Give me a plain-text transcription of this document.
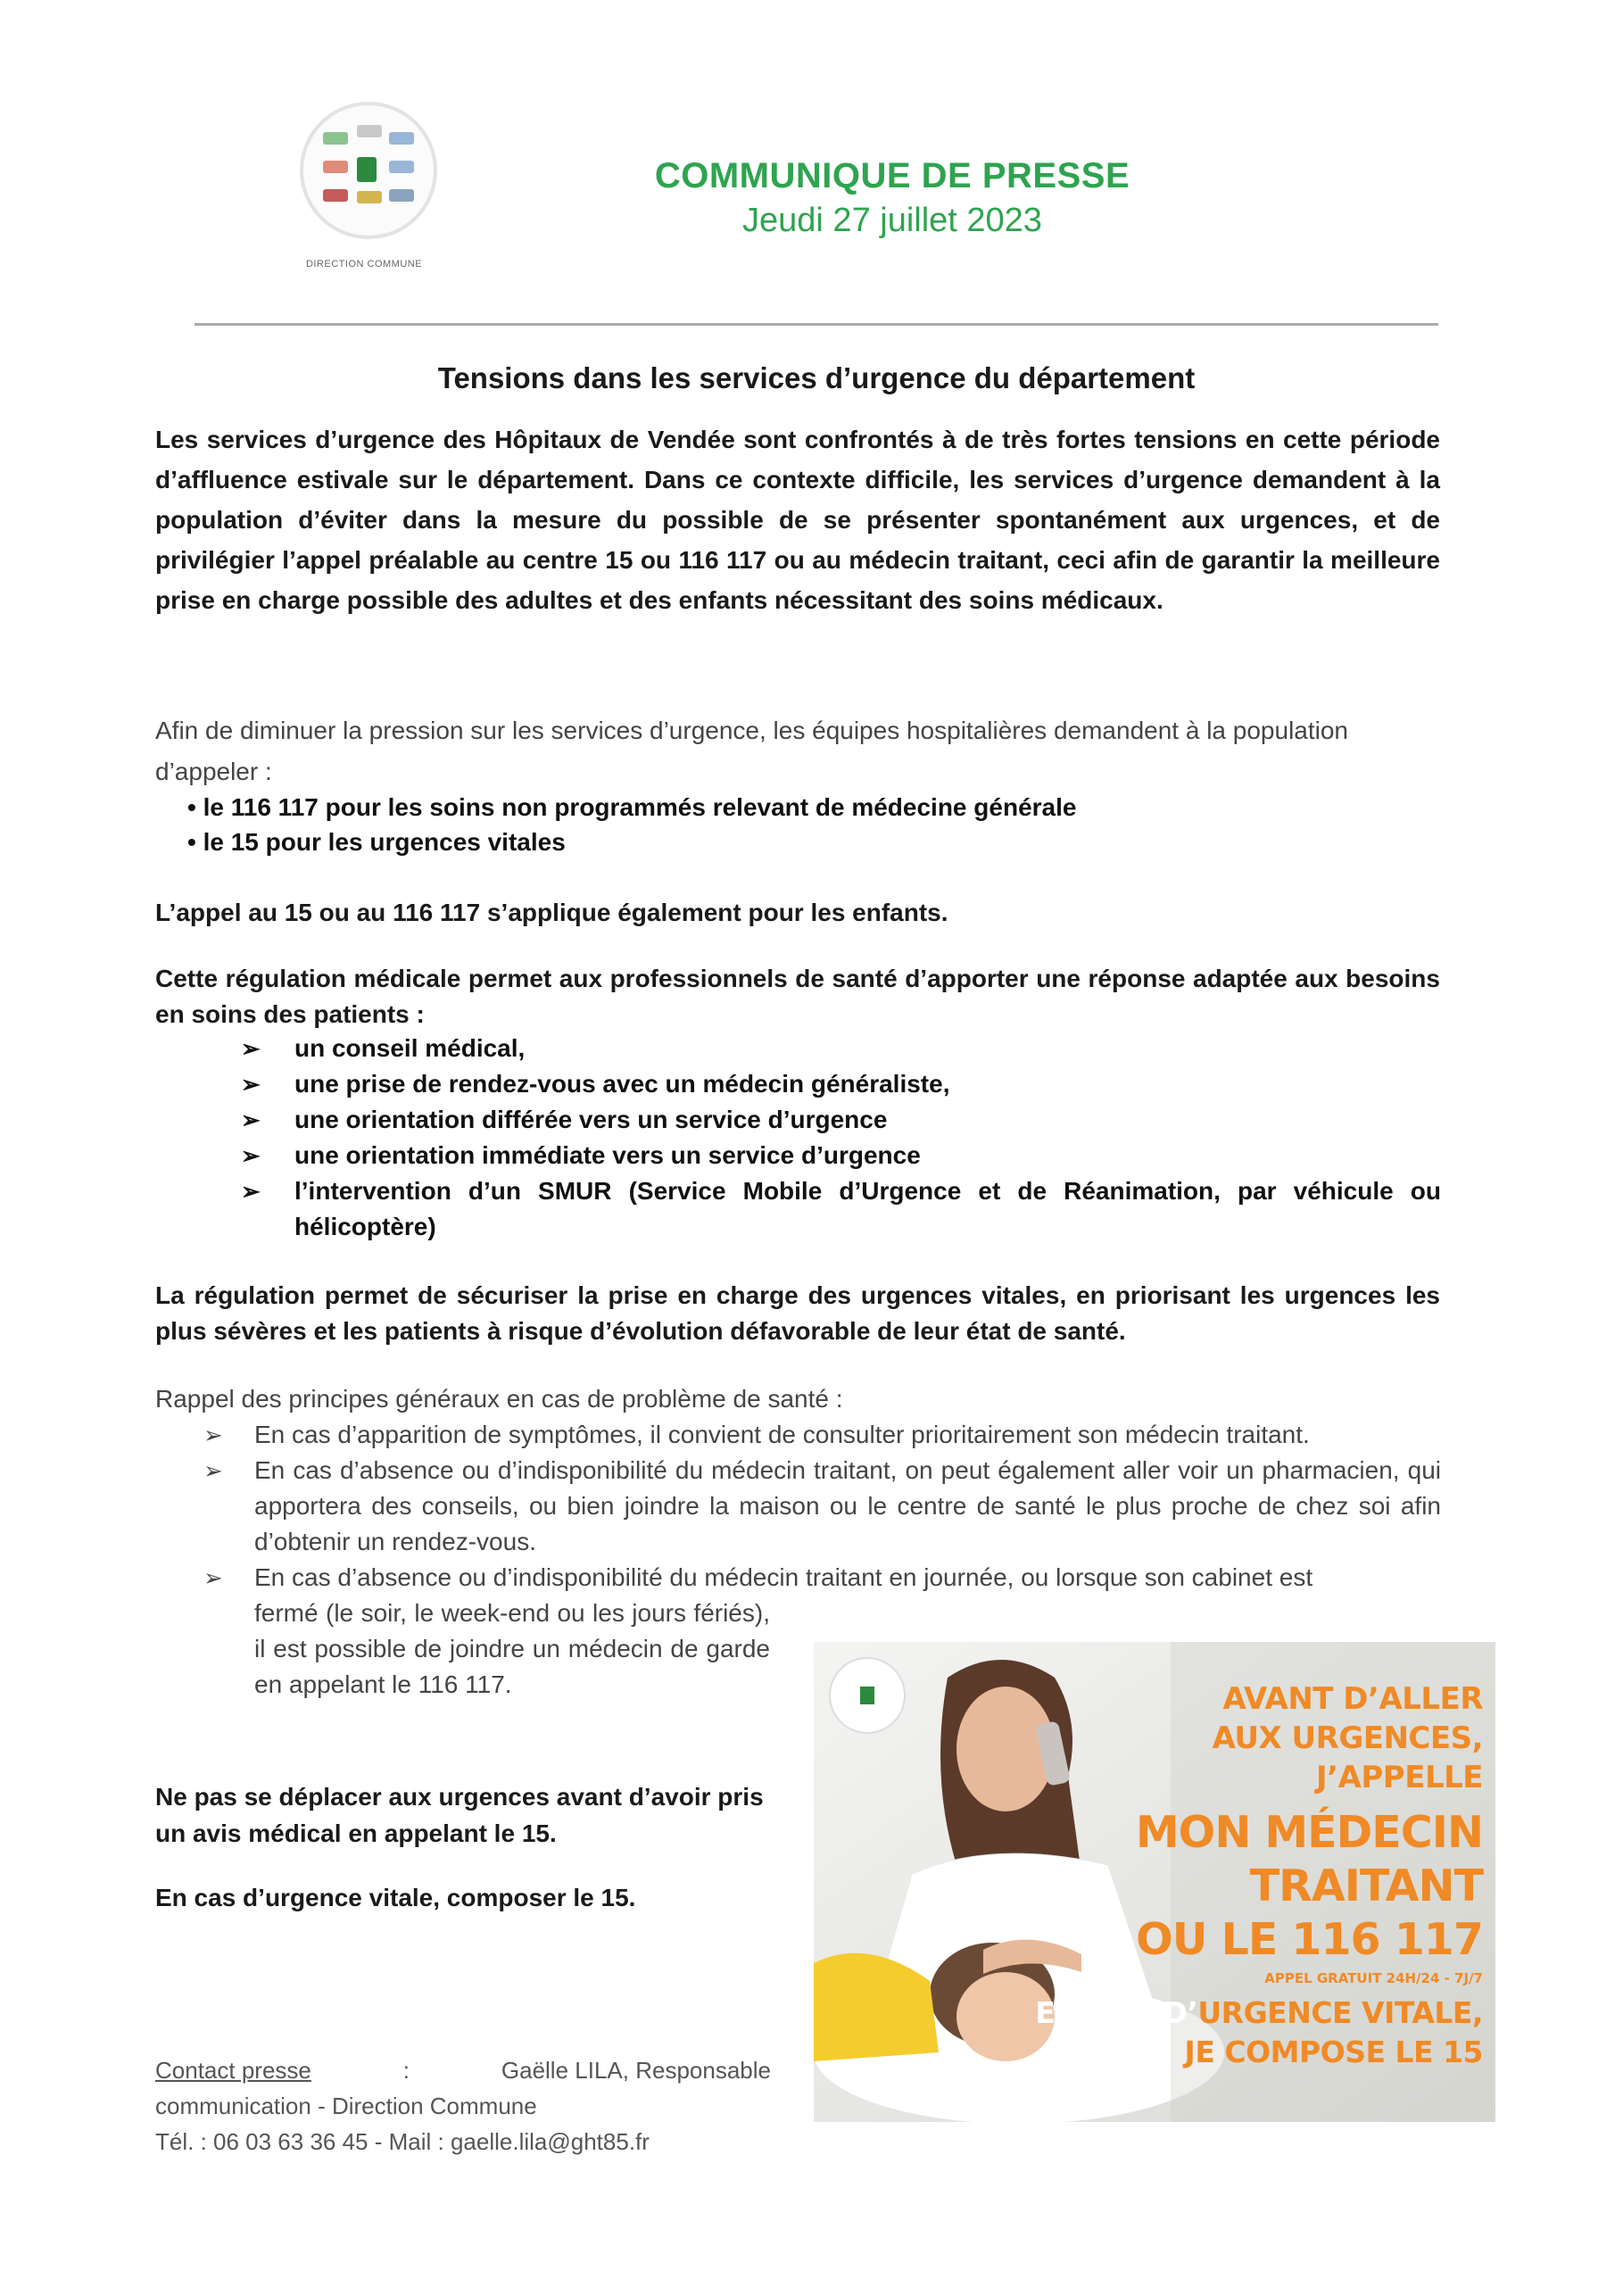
DIRECTION COMMUNE
COMMUNIQUE DE PRESSE
Jeudi 27 juillet 2023
Tensions dans les services d’urgence du département
Les services d’urgence des Hôpitaux de Vendée sont confrontés à de très fortes tensions en cette période d’affluence estivale sur le département. Dans ce contexte difficile, les services d’urgence demandent à la population d’éviter dans la mesure du possible de se présenter spontanément aux urgences, et de privilégier l’appel préalable au centre 15 ou 116 117 ou au médecin traitant, ceci afin de garantir la meilleure prise en charge possible des adultes et des enfants nécessitant des soins médicaux.
Afin de diminuer la pression sur les services d’urgence, les équipes hospitalières demandent à la population d’appeler :
• le 116 117 pour les soins non programmés relevant de médecine générale
• le 15 pour les urgences vitales
L’appel au 15 ou au 116 117 s’applique également pour les enfants.
Cette régulation médicale permet aux professionnels de santé d’apporter une réponse adaptée aux besoins en soins des patients :
➢ un conseil médical,
➢ une prise de rendez-vous avec un médecin généraliste,
➢ une orientation différée vers un service d’urgence
➢ une orientation immédiate vers un service d’urgence
➢ l’intervention d’un SMUR (Service Mobile d’Urgence et de Réanimation, par véhicule ou hélicoptère)
La régulation permet de sécuriser la prise en charge des urgences vitales, en priorisant les urgences les plus sévères et les patients à risque d’évolution défavorable de leur état de santé.
Rappel des principes généraux en cas de problème de santé :
➢ En cas d’apparition de symptômes, il convient de consulter prioritairement son médecin traitant.
➢ En cas d’absence ou d’indisponibilité du médecin traitant, on peut également aller voir un pharmacien, qui apportera des conseils, ou bien joindre la maison ou le centre de santé le plus proche de chez soi afin d’obtenir un rendez-vous.
➢ En cas d’absence ou d’indisponibilité du médecin traitant en journée, ou lorsque son cabinet est
fermé (le soir, le week-end ou les jours fériés), il est possible de joindre un médecin de garde en appelant le 116 117.
Ne pas se déplacer aux urgences avant d’avoir pris un avis médical en appelant le 15.
En cas d’urgence vitale, composer le 15.
Contact presse	:	Gaëlle LILA, Responsable
communication - Direction Commune
Tél. : 06 03 63 36 45 - Mail : gaelle.lila@ght85.fr
AVANT D’ALLER
AUX URGENCES,
J’APPELLE
MON MÉDECIN
TRAITANT
OU LE 116 117
APPEL GRATUIT 24H/24 - 7J/7
EN CAS D’URGENCE VITALE,
JE COMPOSE LE 15
